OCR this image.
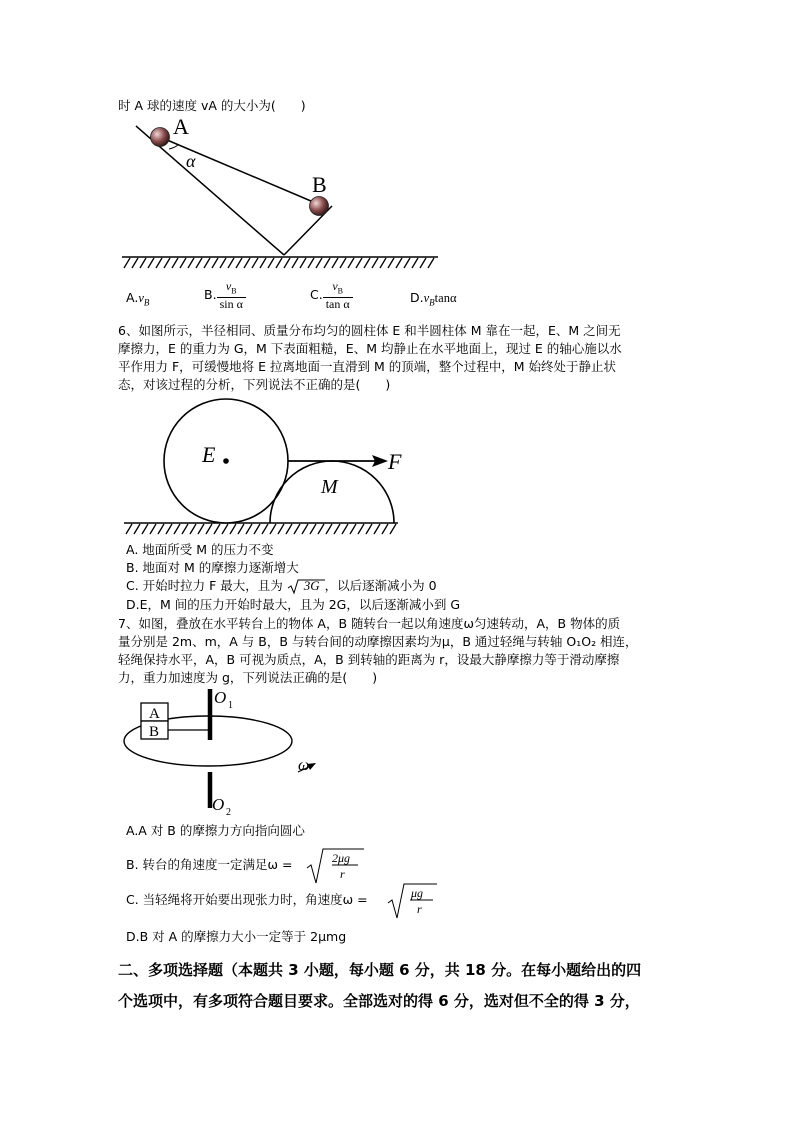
时 A 球的速度 vA 的大小为(　　)
A
α
B
$A.v_B$
B. $\frac{v_B}{\text{sin α}}$	C. $\frac{v_B}{\text{tan α}}$	$D.v_B\tan\alpha$
6、如图所示，半径相同、质量分布均匀的圆柱体 E 和半圆柱体 M 靠在一起，E、M 之间无
摩擦力，E 的重力为 G，M 下表面粗糙，E、M 均静止在水平地面上，现过 E 的轴心施以水
平作用力 F，可缓慢地将 E 拉离地面一直滑到 M 的顶端，整个过程中，M 始终处于静止状
态，对该过程的分析，下列说法不正确的是(　　)
E
M
F
A. 地面所受 M 的压力不变
B. 地面对 M 的摩擦力逐渐增大
C. 开始时拉力 F 最大，且为 3G ，以后逐渐减小为 0
D.E，M 间的压力开始时最大，且为 2G，以后逐渐减小到 G
7、如图，叠放在水平转台上的物体 A，B 随转台一起以角速度ω匀速转动，A，B 物体的质
量分别是 2m、m，A 与 B，B 与转台间的动摩擦因素均为μ，B 通过轻绳与转轴 O₁O₂ 相连，
轻绳保持水平，A，B 可视为质点，A，B 到转轴的距离为 r，设最大静摩擦力等于滑动摩擦
力，重力加速度为 g，下列说法正确的是(　　)
A
B
O 1
O 2
ω
A.A 对 B 的摩擦力方向指向圆心
B. 转台的角速度一定满足ω =	2μg
r
C. 当轻绳将开始要出现张力时，角速度ω =	μg
r
D.B 对 A 的摩擦力大小一定等于 2μmg
二、多项选择题（本题共 3 小题，每小题 6 分，共 18 分。在每小题给出的四
个选项中，有多项符合题目要求。全部选对的得 6 分，选对但不全的得 3 分，
